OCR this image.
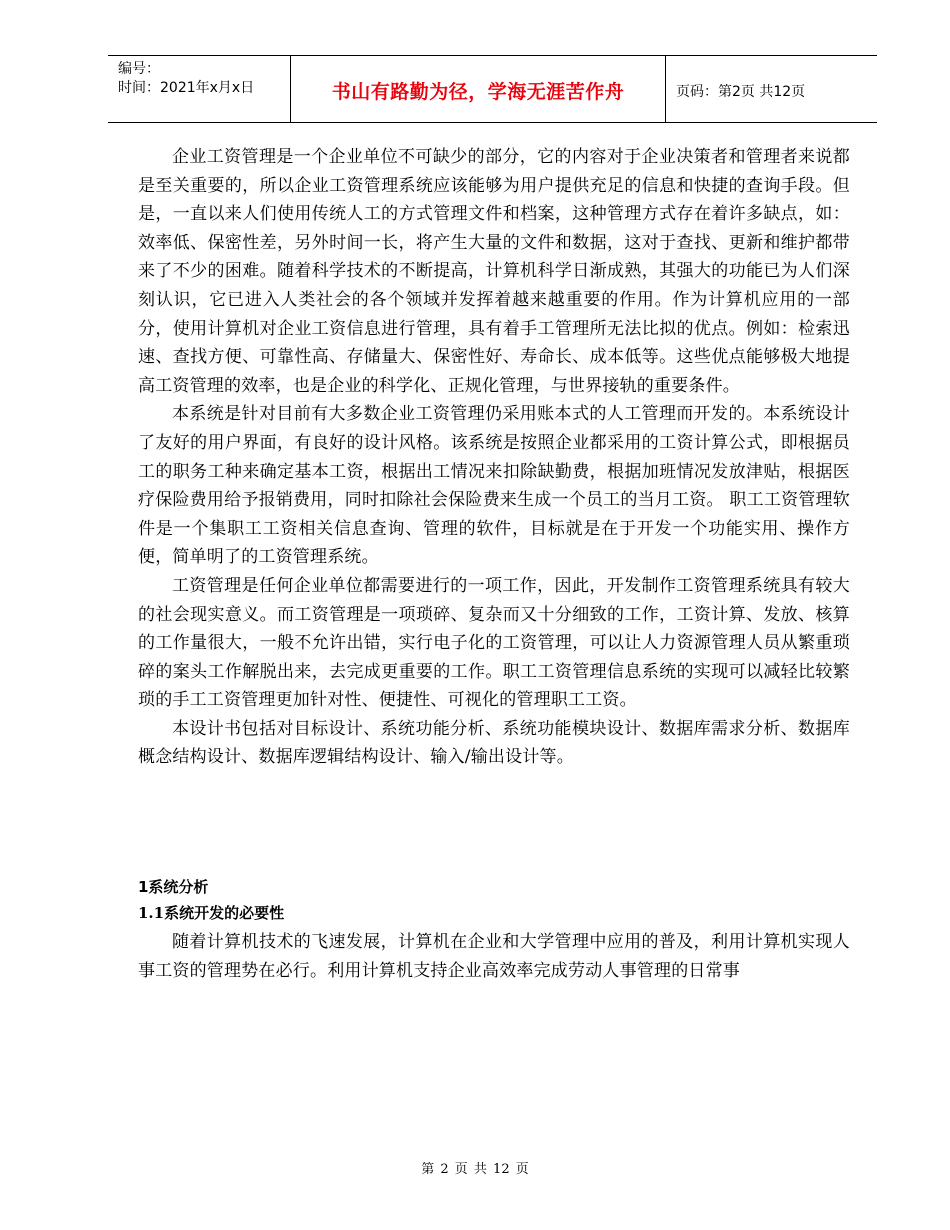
编号：
时间：2021年x月x日	书山有路勤为径，学海无涯苦作舟	页码：第2页 共12页

企业工资管理是一个企业单位不可缺少的部分，它的内容对于企业决策者和管理者来说都是至关重要的，所以企业工资管理系统应该能够为用户提供充足的信息和快捷的查询手段。但是，一直以来人们使用传统人工的方式管理文件和档案，这种管理方式存在着许多缺点，如：效率低、保密性差，另外时间一长，将产生大量的文件和数据，这对于查找、更新和维护都带来了不少的困难。随着科学技术的不断提高，计算机科学日渐成熟，其强大的功能已为人们深刻认识，它已进入人类社会的各个领域并发挥着越来越重要的作用。作为计算机应用的一部分，使用计算机对企业工资信息进行管理，具有着手工管理所无法比拟的优点。例如：检索迅速、查找方便、可靠性高、存储量大、保密性好、寿命长、成本低等。这些优点能够极大地提高工资管理的效率，也是企业的科学化、正规化管理，与世界接轨的重要条件。

本系统是针对目前有大多数企业工资管理仍采用账本式的人工管理而开发的。本系统设计了友好的用户界面，有良好的设计风格。该系统是按照企业都采用的工资计算公式，即根据员工的职务工种来确定基本工资，根据出工情况来扣除缺勤费，根据加班情况发放津贴，根据医疗保险费用给予报销费用，同时扣除社会保险费来生成一个员工的当月工资。 职工工资管理软件是一个集职工工资相关信息查询、管理的软件，目标就是在于开发一个功能实用、操作方便，简单明了的工资管理系统。

工资管理是任何企业单位都需要进行的一项工作，因此，开发制作工资管理系统具有较大的社会现实意义。而工资管理是一项琐碎、复杂而又十分细致的工作，工资计算、发放、核算的工作量很大，一般不允许出错，实行电子化的工资管理，可以让人力资源管理人员从繁重琐碎的案头工作解脱出来，去完成更重要的工作。职工工资管理信息系统的实现可以减轻比较繁琐的手工工资管理更加针对性、便捷性、可视化的管理职工工资。

本设计书包括对目标设计、系统功能分析、系统功能模块设计、数据库需求分析、数据库概念结构设计、数据库逻辑结构设计、输入/输出设计等。

1系统分析
1.1系统开发的必要性

随着计算机技术的飞速发展，计算机在企业和大学管理中应用的普及，利用计算机实现人事工资的管理势在必行。利用计算机支持企业高效率完成劳动人事管理的日常事

第 2 页 共 12 页
